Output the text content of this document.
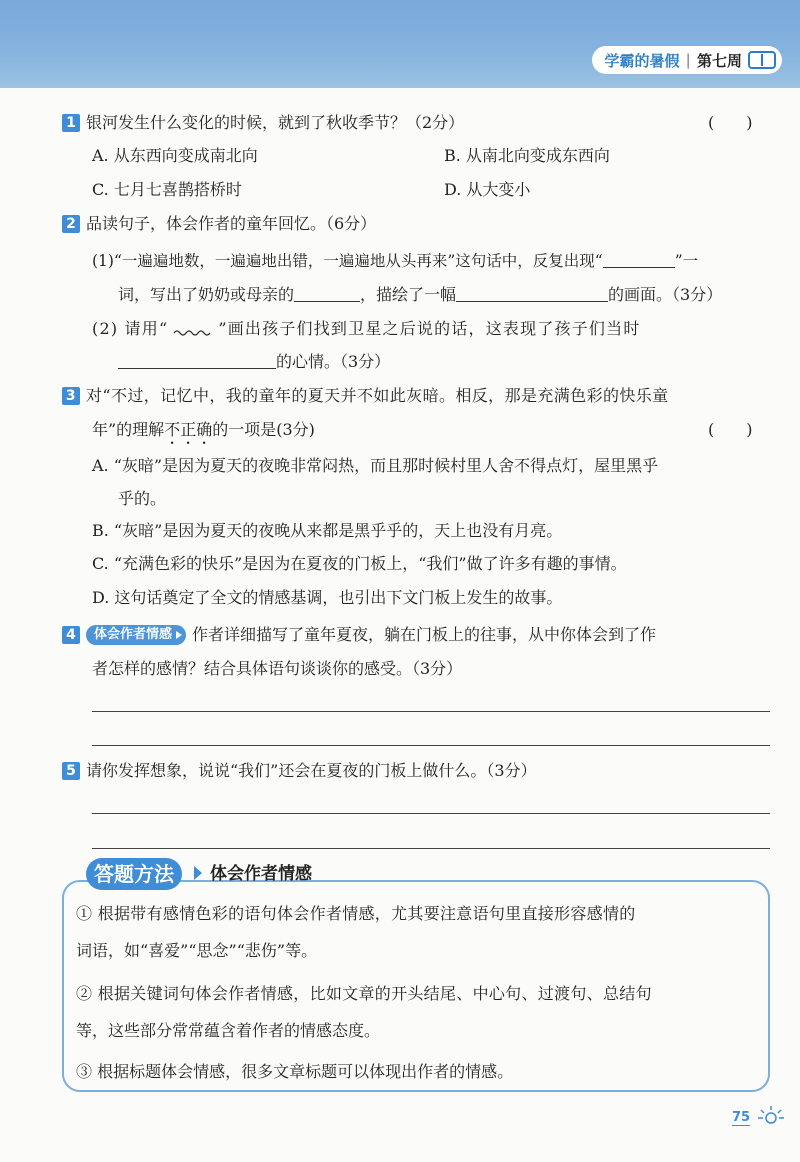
学霸的暑假 | 第七周
1 银河发生什么变化的时候，就到了秋收季节？（2分）	(　　)
A. 从东西向变成南北向	B. 从南北向变成东西向
C. 七月七喜鹊搭桥时	D. 从大变小
2 品读句子，体会作者的童年回忆。（6分）
(1)“一遍遍地数，一遍遍地出错，一遍遍地从头再来”这句话中，反复出现“	”一
词，写出了奶奶或母亲的	，描绘了一幅	的画面。（3分）
(2) 请用“	”画出孩子们找到卫星之后说的话，这表现了孩子们当时
的心情。（3分）
3 对“不过，记忆中，我的童年的夏天并不如此灰暗。相反，那是充满色彩的快乐童
年”的理解不正确的一项是(3分)	(　　)
A. “灰暗”是因为夏天的夜晚非常闷热，而且那时候村里人舍不得点灯，屋里黑乎
乎的。
B. “灰暗”是因为夏天的夜晚从来都是黑乎乎的，天上也没有月亮。
C. “充满色彩的快乐”是因为在夏夜的门板上，“我们”做了许多有趣的事情。
D. 这句话奠定了全文的情感基调，也引出下文门板上发生的故事。
4 体会作者情感 作者详细描写了童年夏夜，躺在门板上的往事，从中你体会到了作
者怎样的感情？结合具体语句谈谈你的感受。（3分）
5 请你发挥想象，说说“我们”还会在夏夜的门板上做什么。（3分）
答题方法	体会作者情感
① 根据带有感情色彩的语句体会作者情感，尤其要注意语句里直接形容感情的
词语，如“喜爱”“思念”“悲伤”等。
② 根据关键词句体会作者情感，比如文章的开头结尾、中心句、过渡句、总结句
等，这些部分常常蕴含着作者的情感态度。
③ 根据标题体会情感，很多文章标题可以体现出作者的情感。
75
